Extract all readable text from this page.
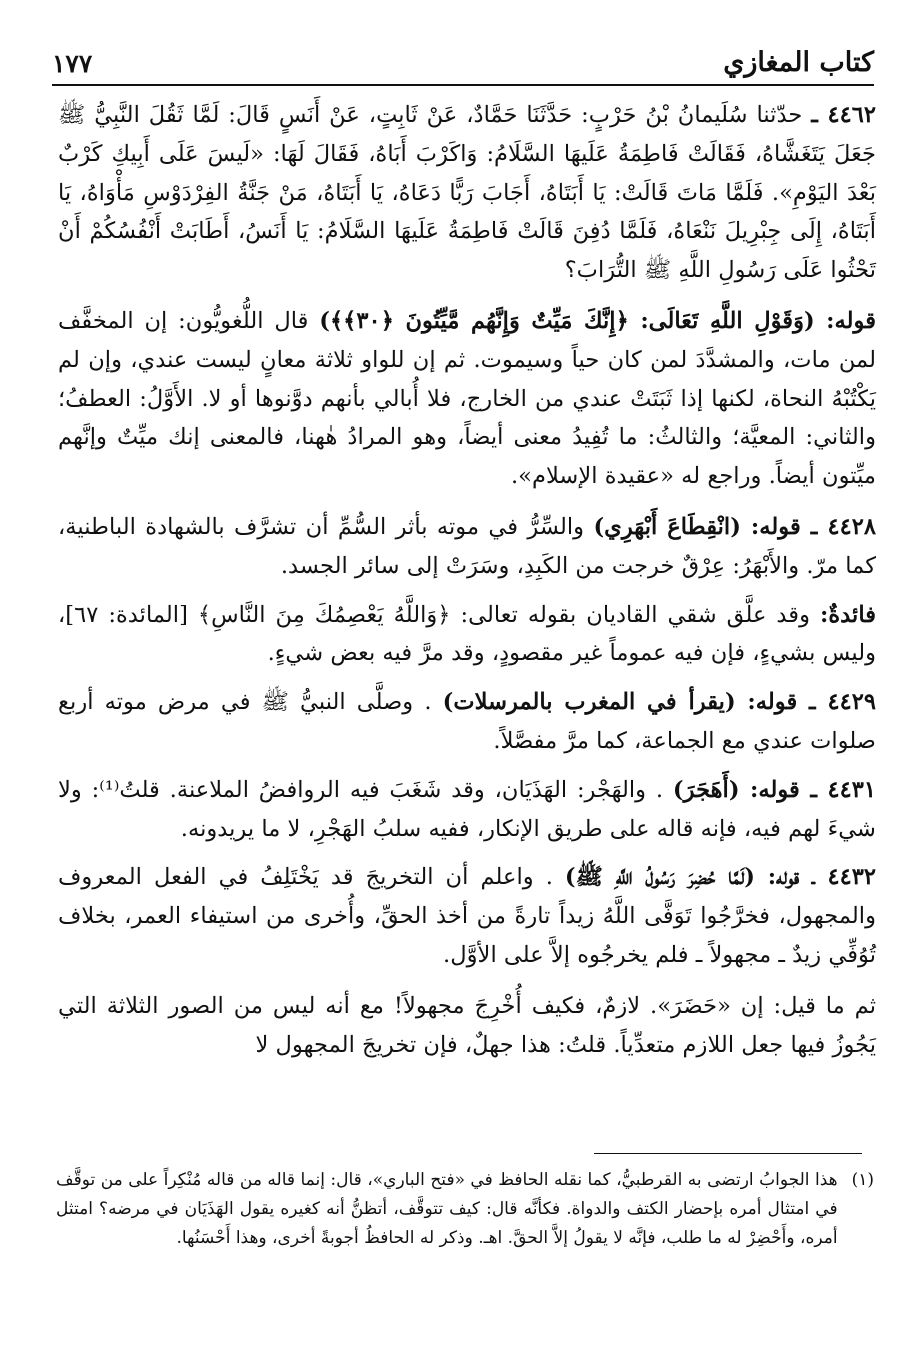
كتاب المغازي
١٧٧

٤٤٦٢ ـ حدّثنا سُلَيمانُ بْنُ حَرْبٍ: حَدَّثَنَا حَمَّادٌ، عَنْ ثَابِتٍ، عَنْ أَنَسٍ قَالَ: لَمَّا ثَقُلَ النَّبِيُّ ﷺ جَعَلَ يَتَغَشَّاهُ، فَقَالَتْ فَاطِمَةُ عَلَيهَا السَّلَامُ: وَاكَرْبَ أَبَاهُ، فَقَالَ لَهَا: «لَيسَ عَلَى أَبِيكِ كَرْبٌ بَعْدَ اليَوْمِ». فَلَمَّا مَاتَ قَالَتْ: يَا أَبَتَاهُ، أَجَابَ رَبًّا دَعَاهُ، يَا أَبَتَاهُ، مَنْ جَنَّةُ الفِرْدَوْسِ مَأْوَاهُ، يَا أَبَتَاهُ، إِلَى جِبْرِيلَ نَنْعَاهُ، فَلَمَّا دُفِنَ قَالَتْ فَاطِمَةُ عَلَيهَا السَّلَامُ: يَا أَنَسُ، أَطَابَتْ أَنْفُسُكُمْ أَنْ تَحْثُوا عَلَى رَسُولِ اللَّهِ ﷺ التُّرَابَ؟

قوله: (وَقَوْلِ اللَّهِ تَعَالَى: ﴿إِنَّكَ مَيِّتٌ وَإِنَّهُم مَّيِّتُونَ ﴿٣٠﴾﴾) قال اللُّغويُّون: إن المخفَّف لمن مات، والمشدَّدَ لمن كان حياً وسيموت. ثم إن للواو ثلاثة معانٍ ليست عندي، وإن لم يَكْتُبْهُ النحاة، لكنها إذا ثَبَتَتْ عندي من الخارج، فلا أُبالي بأنهم دوَّنوها أو لا. الأَوَّلُ: العطفُ؛ والثاني: المعيَّة؛ والثالثُ: ما تُفِيدُ معنى أيضاً، وهو المرادُ هٰهنا، فالمعنى إنك ميِّتٌ وإنَّهم ميِّتون أيضاً. وراجع له «عقيدة الإسلام».

٤٤٢٨ ـ قوله: (انْقِطَاعَ أَبْهَرِي) والسِّرُّ في موته بأثر السُّمِّ أن تشرَّف بالشهادة الباطنية، كما مرّ. والأَبْهَرُ: عِرْقٌ خرجت من الكَبِدِ، وسَرَتْ إلى سائر الجسد.

فائدةٌ: وقد علَّق شقي القاديان بقوله تعالى: ﴿وَاللَّهُ يَعْصِمُكَ مِنَ النَّاسِ﴾ [المائدة: ٦٧]، وليس بشيءٍ، فإن فيه عموماً غير مقصودٍ، وقد مرَّ فيه بعض شيءٍ.

٤٤٢٩ ـ قوله: (يقرأ في المغرب بالمرسلات) . وصلَّى النبيُّ ﷺ في مرض موته أربع صلوات عندي مع الجماعة، كما مرَّ مفصَّلاً.

٤٤٣١ ـ قوله: (أَهَجَرَ) . والهَجْر: الهَذَيَان، وقد شَغَبَ فيه الروافضُ الملاعنة. قلتُ⁽¹⁾: ولا شيءَ لهم فيه، فإنه قاله على طريق الإنكار، ففيه سلبُ الهَجْرِ، لا ما يريدونه.

٤٤٣٢ ـ قوله: (لَمَّا حُضِرَ رَسُولُ اللَّهِ ﷺ) . واعلم أن التخريجَ قد يَخْتَلِفُ في الفعل المعروف والمجهول، فخرَّجُوا تَوَفَّى اللَّهُ زيداً تارةً من أخذ الحقِّ، وأُخرى من استيفاء العمر، بخلاف تُوُفِّي زيدٌ ـ مجهولاً ـ فلم يخرجُوه إلاَّ على الأوَّل.

ثم ما قيل: إن «حَضَرَ». لازمٌ، فكيف أُخْرِجَ مجهولاً! مع أنه ليس من الصور الثلاثة التي يَجُوزُ فيها جعل اللازم متعدِّياً. قلتُ: هذا جهلٌ، فإن تخريجَ المجهول لا

(١)
هذا الجوابُ ارتضى به القرطبيُّ، كما نقله الحافظ في «فتح الباري»، قال: إنما قاله من قاله مُنْكِراً على من توقَّف في امتثال أمره بإحضار الكتف والدواة. فكأنَّه قال: كيف تتوقَّف، أتظنُّ أنه كغيره يقول الهَذَيَان في مرضه؟ امتثل أمره، وأَحْضِرْ له ما طلب، فإنَّه لا يقولُ إلاَّ الحقَّ. اهـ. وذكر له الحافظُ أجوبةً أخرى، وهذا أَحْسَنُها.
